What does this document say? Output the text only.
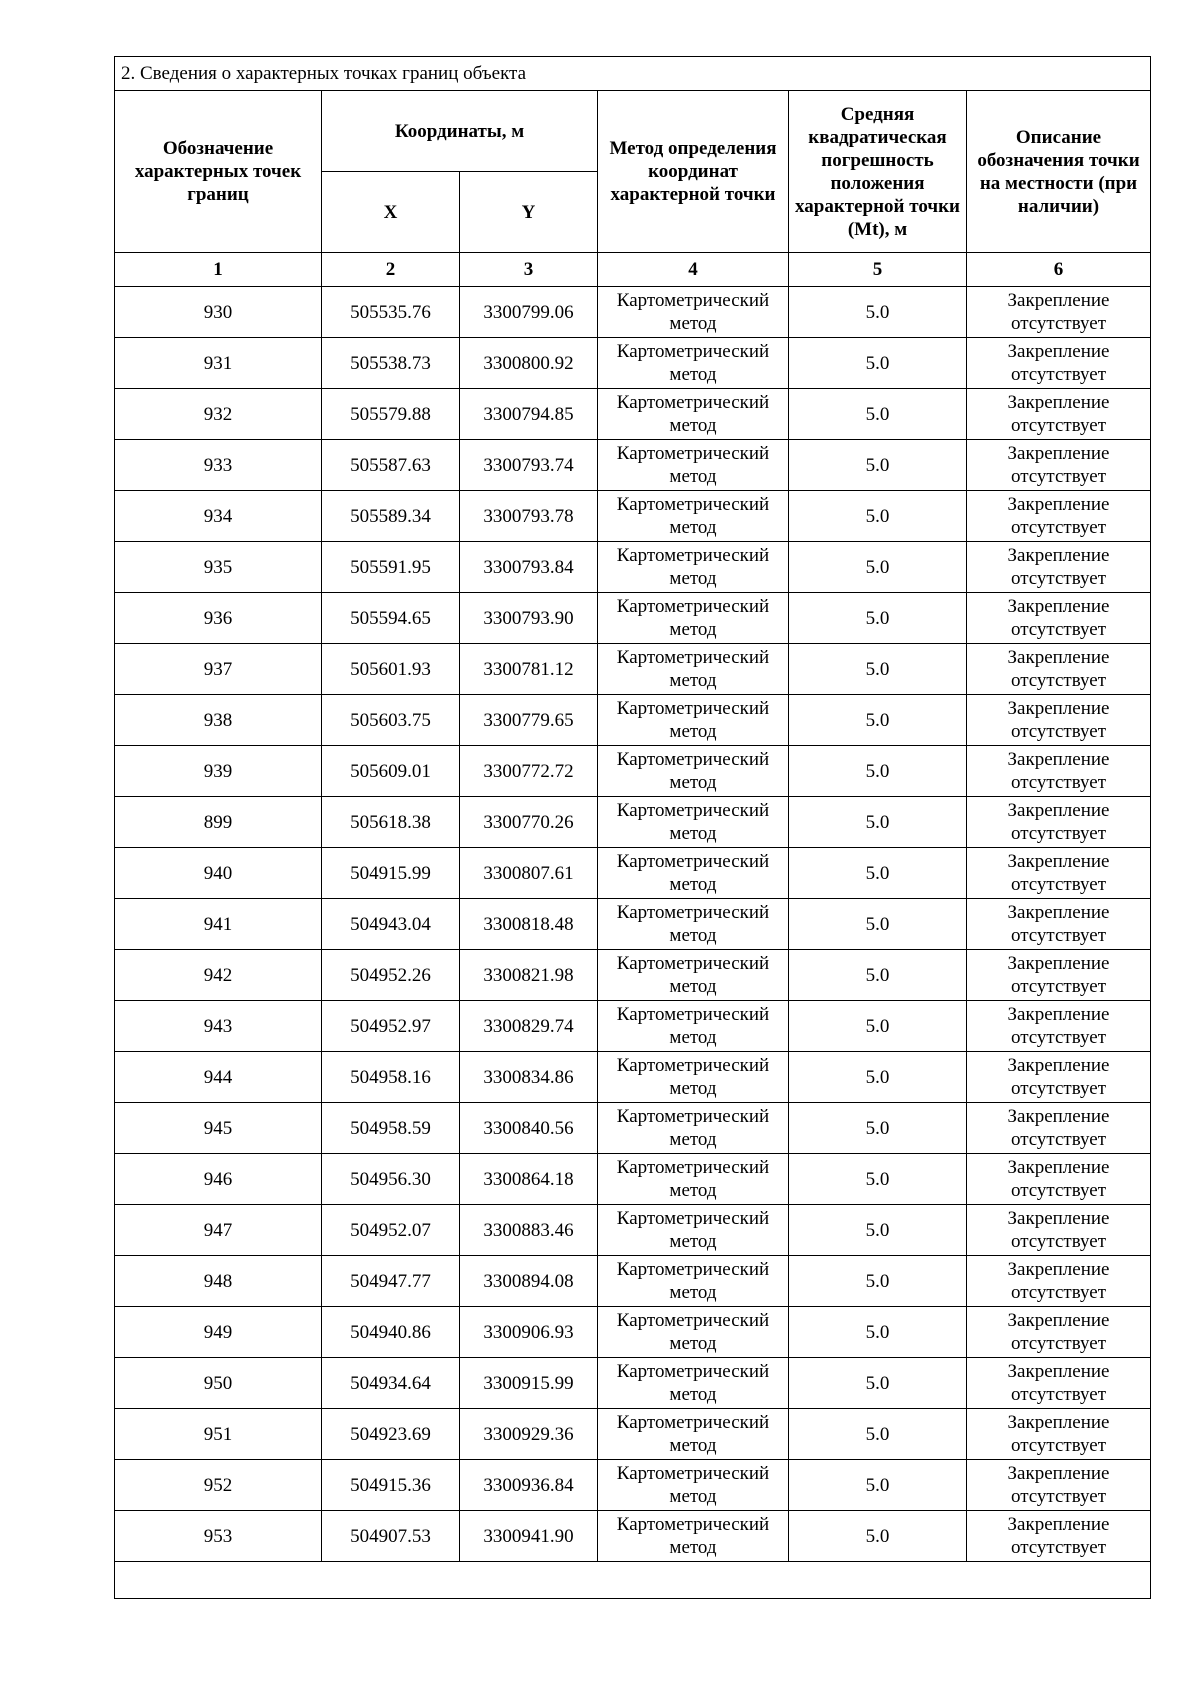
2. Сведения о характерных точках границ объекта					
Обозначение характерных точек границ	Координаты, м		Метод определения координат характерной точки	Средняя квадратическая погрешность положения характерной точки (Mt), м	Описание обозначения точки на местности (при наличии)
	X	Y			
1	2	3	4	5	6
930	505535.76	3300799.06	Картометрический метод	5.0	Закрепление отсутствует
931	505538.73	3300800.92	Картометрический метод	5.0	Закрепление отсутствует
932	505579.88	3300794.85	Картометрический метод	5.0	Закрепление отсутствует
933	505587.63	3300793.74	Картометрический метод	5.0	Закрепление отсутствует
934	505589.34	3300793.78	Картометрический метод	5.0	Закрепление отсутствует
935	505591.95	3300793.84	Картометрический метод	5.0	Закрепление отсутствует
936	505594.65	3300793.90	Картометрический метод	5.0	Закрепление отсутствует
937	505601.93	3300781.12	Картометрический метод	5.0	Закрепление отсутствует
938	505603.75	3300779.65	Картометрический метод	5.0	Закрепление отсутствует
939	505609.01	3300772.72	Картометрический метод	5.0	Закрепление отсутствует
899	505618.38	3300770.26	Картометрический метод	5.0	Закрепление отсутствует
940	504915.99	3300807.61	Картометрический метод	5.0	Закрепление отсутствует
941	504943.04	3300818.48	Картометрический метод	5.0	Закрепление отсутствует
942	504952.26	3300821.98	Картометрический метод	5.0	Закрепление отсутствует
943	504952.97	3300829.74	Картометрический метод	5.0	Закрепление отсутствует
944	504958.16	3300834.86	Картометрический метод	5.0	Закрепление отсутствует
945	504958.59	3300840.56	Картометрический метод	5.0	Закрепление отсутствует
946	504956.30	3300864.18	Картометрический метод	5.0	Закрепление отсутствует
947	504952.07	3300883.46	Картометрический метод	5.0	Закрепление отсутствует
948	504947.77	3300894.08	Картометрический метод	5.0	Закрепление отсутствует
949	504940.86	3300906.93	Картометрический метод	5.0	Закрепление отсутствует
950	504934.64	3300915.99	Картометрический метод	5.0	Закрепление отсутствует
951	504923.69	3300929.36	Картометрический метод	5.0	Закрепление отсутствует
952	504915.36	3300936.84	Картометрический метод	5.0	Закрепление отсутствует
953	504907.53	3300941.90	Картометрический метод	5.0	Закрепление отсутствует
